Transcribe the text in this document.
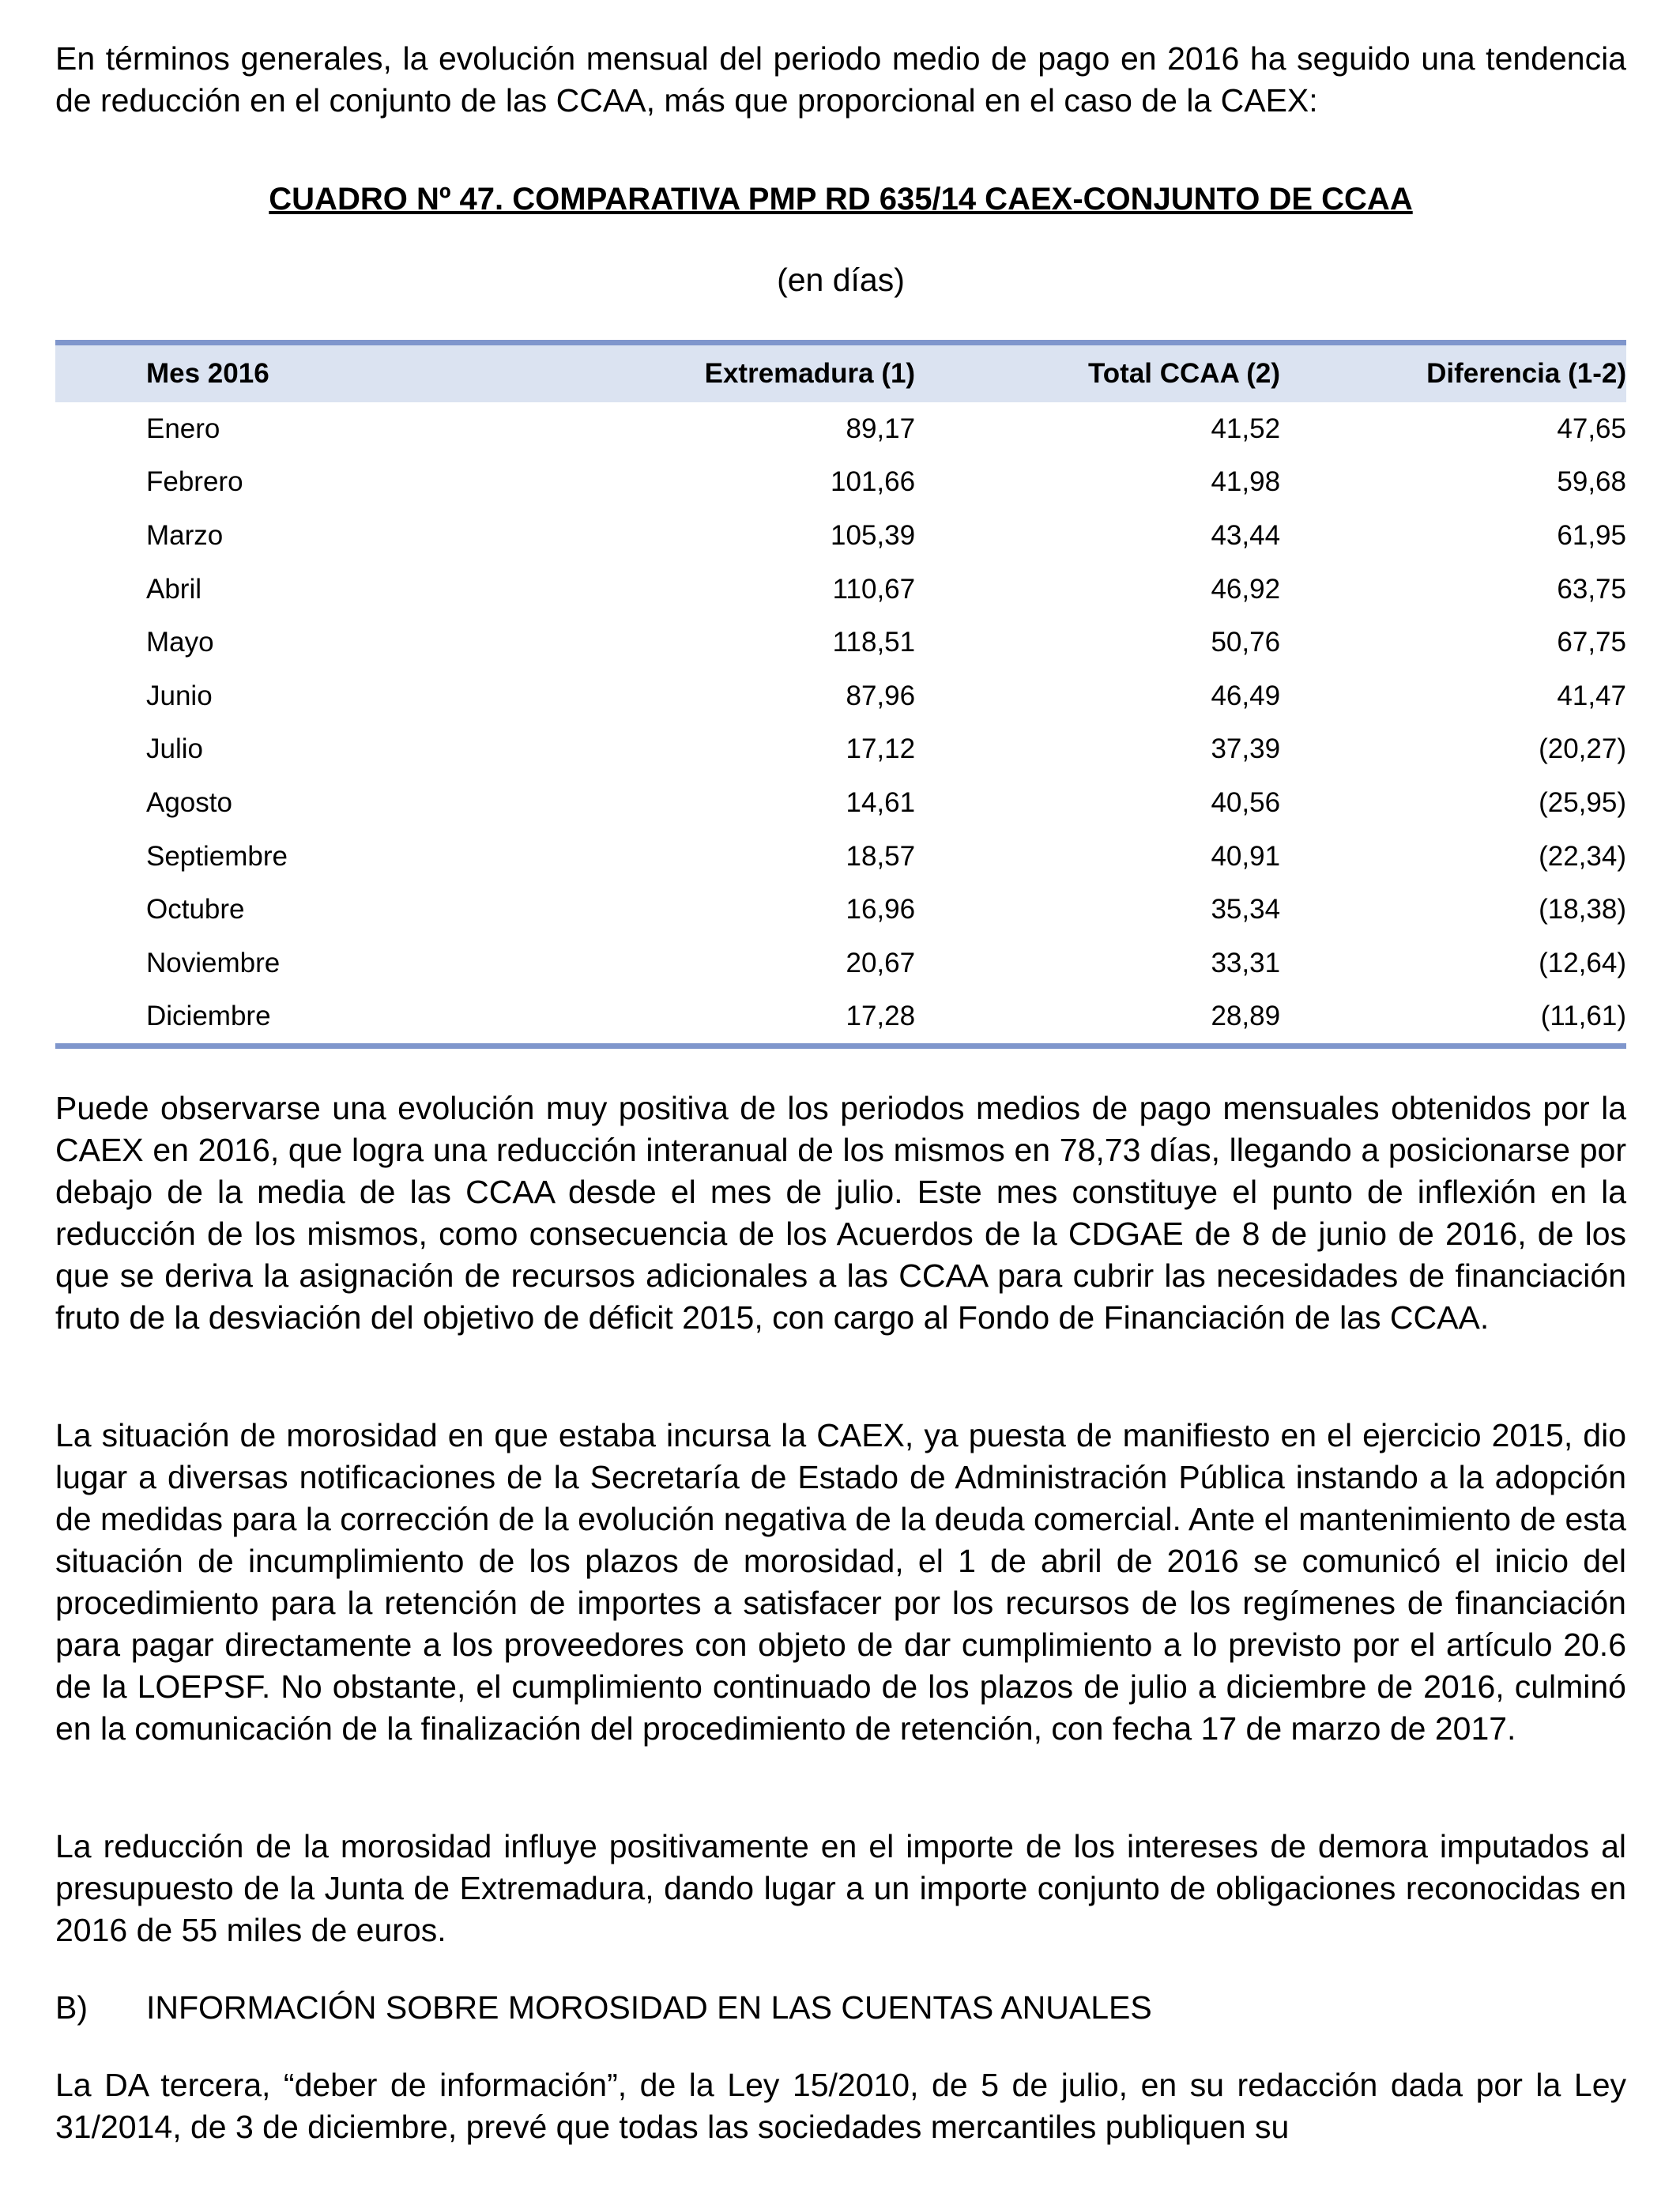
En términos generales, la evolución mensual del periodo medio de pago en 2016 ha seguido una tendencia de reducción en el conjunto de las CCAA, más que proporcional en el caso de la CAEX:

CUADRO Nº 47. COMPARATIVA PMP RD 635/14 CAEX-CONJUNTO DE CCAA
(en días)
Mes 2016	Extremadura (1)	Total CCAA (2)	Diferencia (1-2)
Enero	89,17	41,52	47,65
Febrero	101,66	41,98	59,68
Marzo	105,39	43,44	61,95
Abril	110,67	46,92	63,75
Mayo	118,51	50,76	67,75
Junio	87,96	46,49	41,47
Julio	17,12	37,39	(20,27)
Agosto	14,61	40,56	(25,95)
Septiembre	18,57	40,91	(22,34)
Octubre	16,96	35,34	(18,38)
Noviembre	20,67	33,31	(12,64)
Diciembre	17,28	28,89	(11,61)

Puede observarse una evolución muy positiva de los periodos medios de pago mensuales obtenidos por la CAEX en 2016, que logra una reducción interanual de los mismos en 78,73 días, llegando a posicionarse por debajo de la media de las CCAA desde el mes de julio. Este mes constituye el punto de inflexión en la reducción de los mismos, como consecuencia de los Acuerdos de la CDGAE de 8 de junio de 2016, de los que se deriva la asignación de recursos adicionales a las CCAA para cubrir las necesidades de financiación fruto de la desviación del objetivo de déficit 2015, con cargo al Fondo de Financiación de las CCAA.

La situación de morosidad en que estaba incursa la CAEX, ya puesta de manifiesto en el ejercicio 2015, dio lugar a diversas notificaciones de la Secretaría de Estado de Administración Pública instando a la adopción de medidas para la corrección de la evolución negativa de la deuda comercial. Ante el mantenimiento de esta situación de incumplimiento de los plazos de morosidad, el 1 de abril de 2016 se comunicó el inicio del procedimiento para la retención de importes a satisfacer por los recursos de los regímenes de financiación para pagar directamente a los proveedores con objeto de dar cumplimiento a lo previsto por el artículo 20.6 de la LOEPSF. No obstante, el cumplimiento continuado de los plazos de julio a diciembre de 2016, culminó en la comunicación de la finalización del procedimiento de retención, con fecha 17 de marzo de 2017.

La reducción de la morosidad influye positivamente en el importe de los intereses de demora imputados al presupuesto de la Junta de Extremadura, dando lugar a un importe conjunto de obligaciones reconocidas en 2016 de 55 miles de euros.

B) INFORMACIÓN SOBRE MOROSIDAD EN LAS CUENTAS ANUALES

La DA tercera, “deber de información”, de la Ley 15/2010, de 5 de julio, en su redacción dada por la Ley 31/2014, de 3 de diciembre, prevé que todas las sociedades mercantiles publiquen su
